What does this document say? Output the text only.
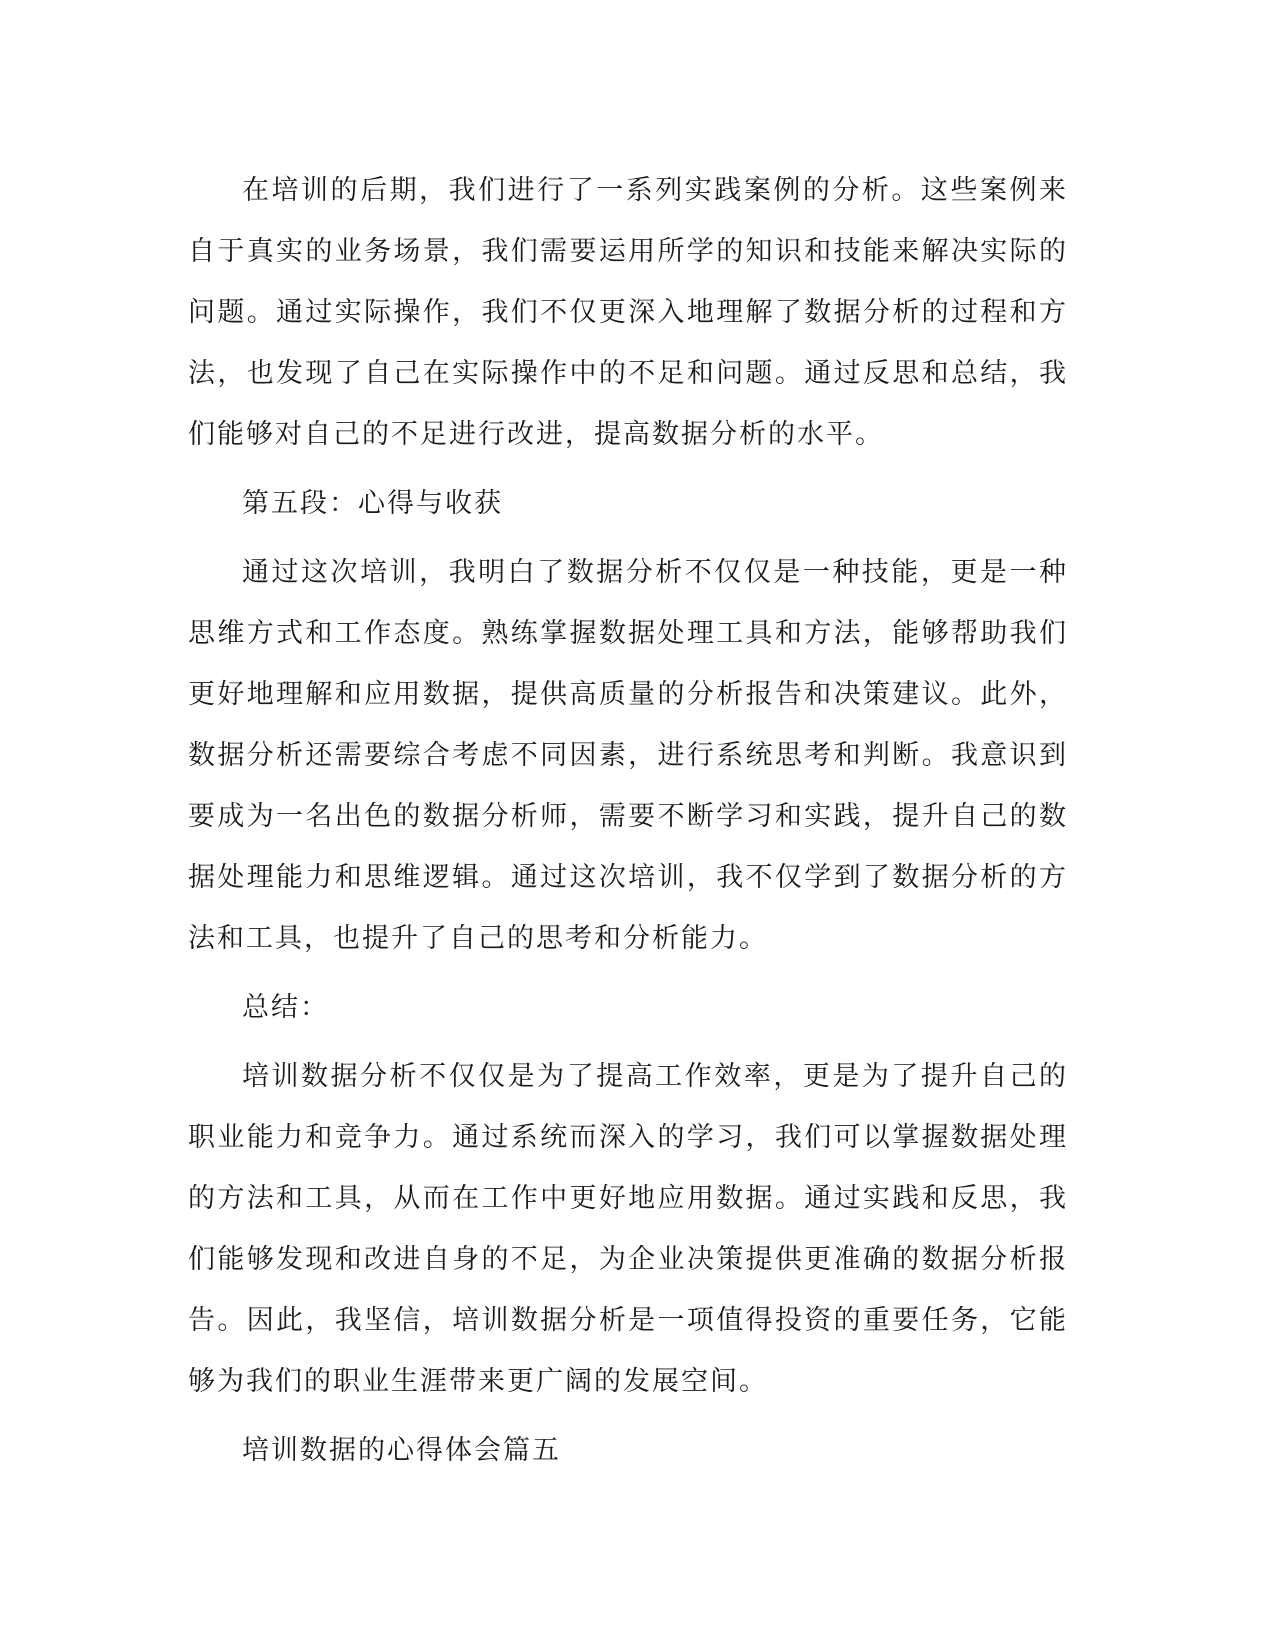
在培训的后期，我们进行了一系列实践案例的分析。这些案例来自于真实的业务场景，我们需要运用所学的知识和技能来解决实际的问题。通过实际操作，我们不仅更深入地理解了数据分析的过程和方法，也发现了自己在实际操作中的不足和问题。通过反思和总结，我们能够对自己的不足进行改进，提高数据分析的水平。

第五段：心得与收获

通过这次培训，我明白了数据分析不仅仅是一种技能，更是一种思维方式和工作态度。熟练掌握数据处理工具和方法，能够帮助我们更好地理解和应用数据，提供高质量的分析报告和决策建议。此外，数据分析还需要综合考虑不同因素，进行系统思考和判断。我意识到要成为一名出色的数据分析师，需要不断学习和实践，提升自己的数据处理能力和思维逻辑。通过这次培训，我不仅学到了数据分析的方法和工具，也提升了自己的思考和分析能力。

总结：

培训数据分析不仅仅是为了提高工作效率，更是为了提升自己的职业能力和竞争力。通过系统而深入的学习，我们可以掌握数据处理的方法和工具，从而在工作中更好地应用数据。通过实践和反思，我们能够发现和改进自身的不足，为企业决策提供更准确的数据分析报告。因此，我坚信，培训数据分析是一项值得投资的重要任务，它能够为我们的职业生涯带来更广阔的发展空间。

培训数据的心得体会篇五
